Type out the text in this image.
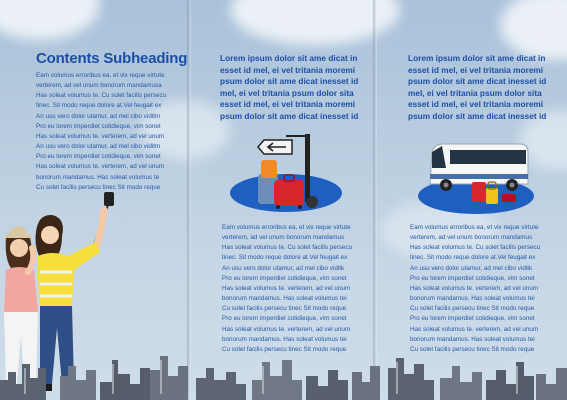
Contents Subheading

Eam volumus erroribus ea, et vix reque virtute
verterem, ad vel unum bonorum mandamusa
Has soleat volumus te. Cu solet facilis persecu
tinec. Sit modo reque dolore at.Vel feugait ex
An usu vero dolor utamur, ad mel cibo viditm
Pro eu lorem imperdiet cotidieque, vim sonet
Has soleat volumus te. verterem, ad vel unum
An usu vero dolor utamur, ad mel cibo viditm
Pro eu lorem imperdiet cotidieque, vim sonet
Has soleat volumus te. verterem, ad vel unum
bonorum mandamus. Has soleat volumus te
Cu solet facilis persecu tinec Sit modo reque

Lorem ipsum dolor sit ame dicat in
esset id mel, ei vel tritania moremi
psum dolor sit ame dicat inesset id
mel, ei vel tritania psum dolor sita
esset id mel, ei vel tritania moremi
psum dolor sit ame dicat inesset id

Eam volumus erroribus ea, et vix reque virtute
verterem, ad vel unum bonorum mandamus
Has soleat volumus te. Cu solet facilis persecu
tinec. Sit modo reque dolore at.Vel feugait ex
An usu vero dolor utamur, ad mel cibo viditk
Pro eu lorem imperdiet cotidieque, vim sonet
Has soleat volumus te. verterem, ad vel unum
bonorum mandamus. Has soleat volumus tei
Cu solet facilis persecu tinec Sit modo reque
Pro eu lorem imperdiet cotidieque, vim sonet
Has soleat volumus te. verterem, ad vel unum
bonorum mandamus. Has soleat volumus tei
Cu solet facilis persecu tinec Sit modo reque

Lorem ipsum dolor sit ame dicat in
esset id mel, ei vel tritania moremi
psum dolor sit ame dicat inesset id
mel, ei vel tritania psum dolor sita
esset id mel, ei vel tritania moremi
psum dolor sit ame dicat inesset id

Eam volumus erroribus ea, et vix reque virtute
verterem, ad vel unum bonorum mandamus
Has soleat volumus te. Cu solet facilis persecu
tinec. Sit modo reque dolore at.Vel feugait ex
An usu vero dolor utamur, ad mel cibo viditk
Pro eu lorem imperdiet cotidieque, vim sonet
Has soleat volumus te. verterem, ad vel unum
bonorum mandamus. Has soleat volumus tei
Cu solet facilis persecu tinec Sit modo reque
Pro eu lorem imperdiet cotidieque, vim sonet
Has soleat volumus te. verterem, ad vel unum
bonorum mandamus. Has soleat volumus tei
Cu solet facilis persecu tinec Sit modo reque
